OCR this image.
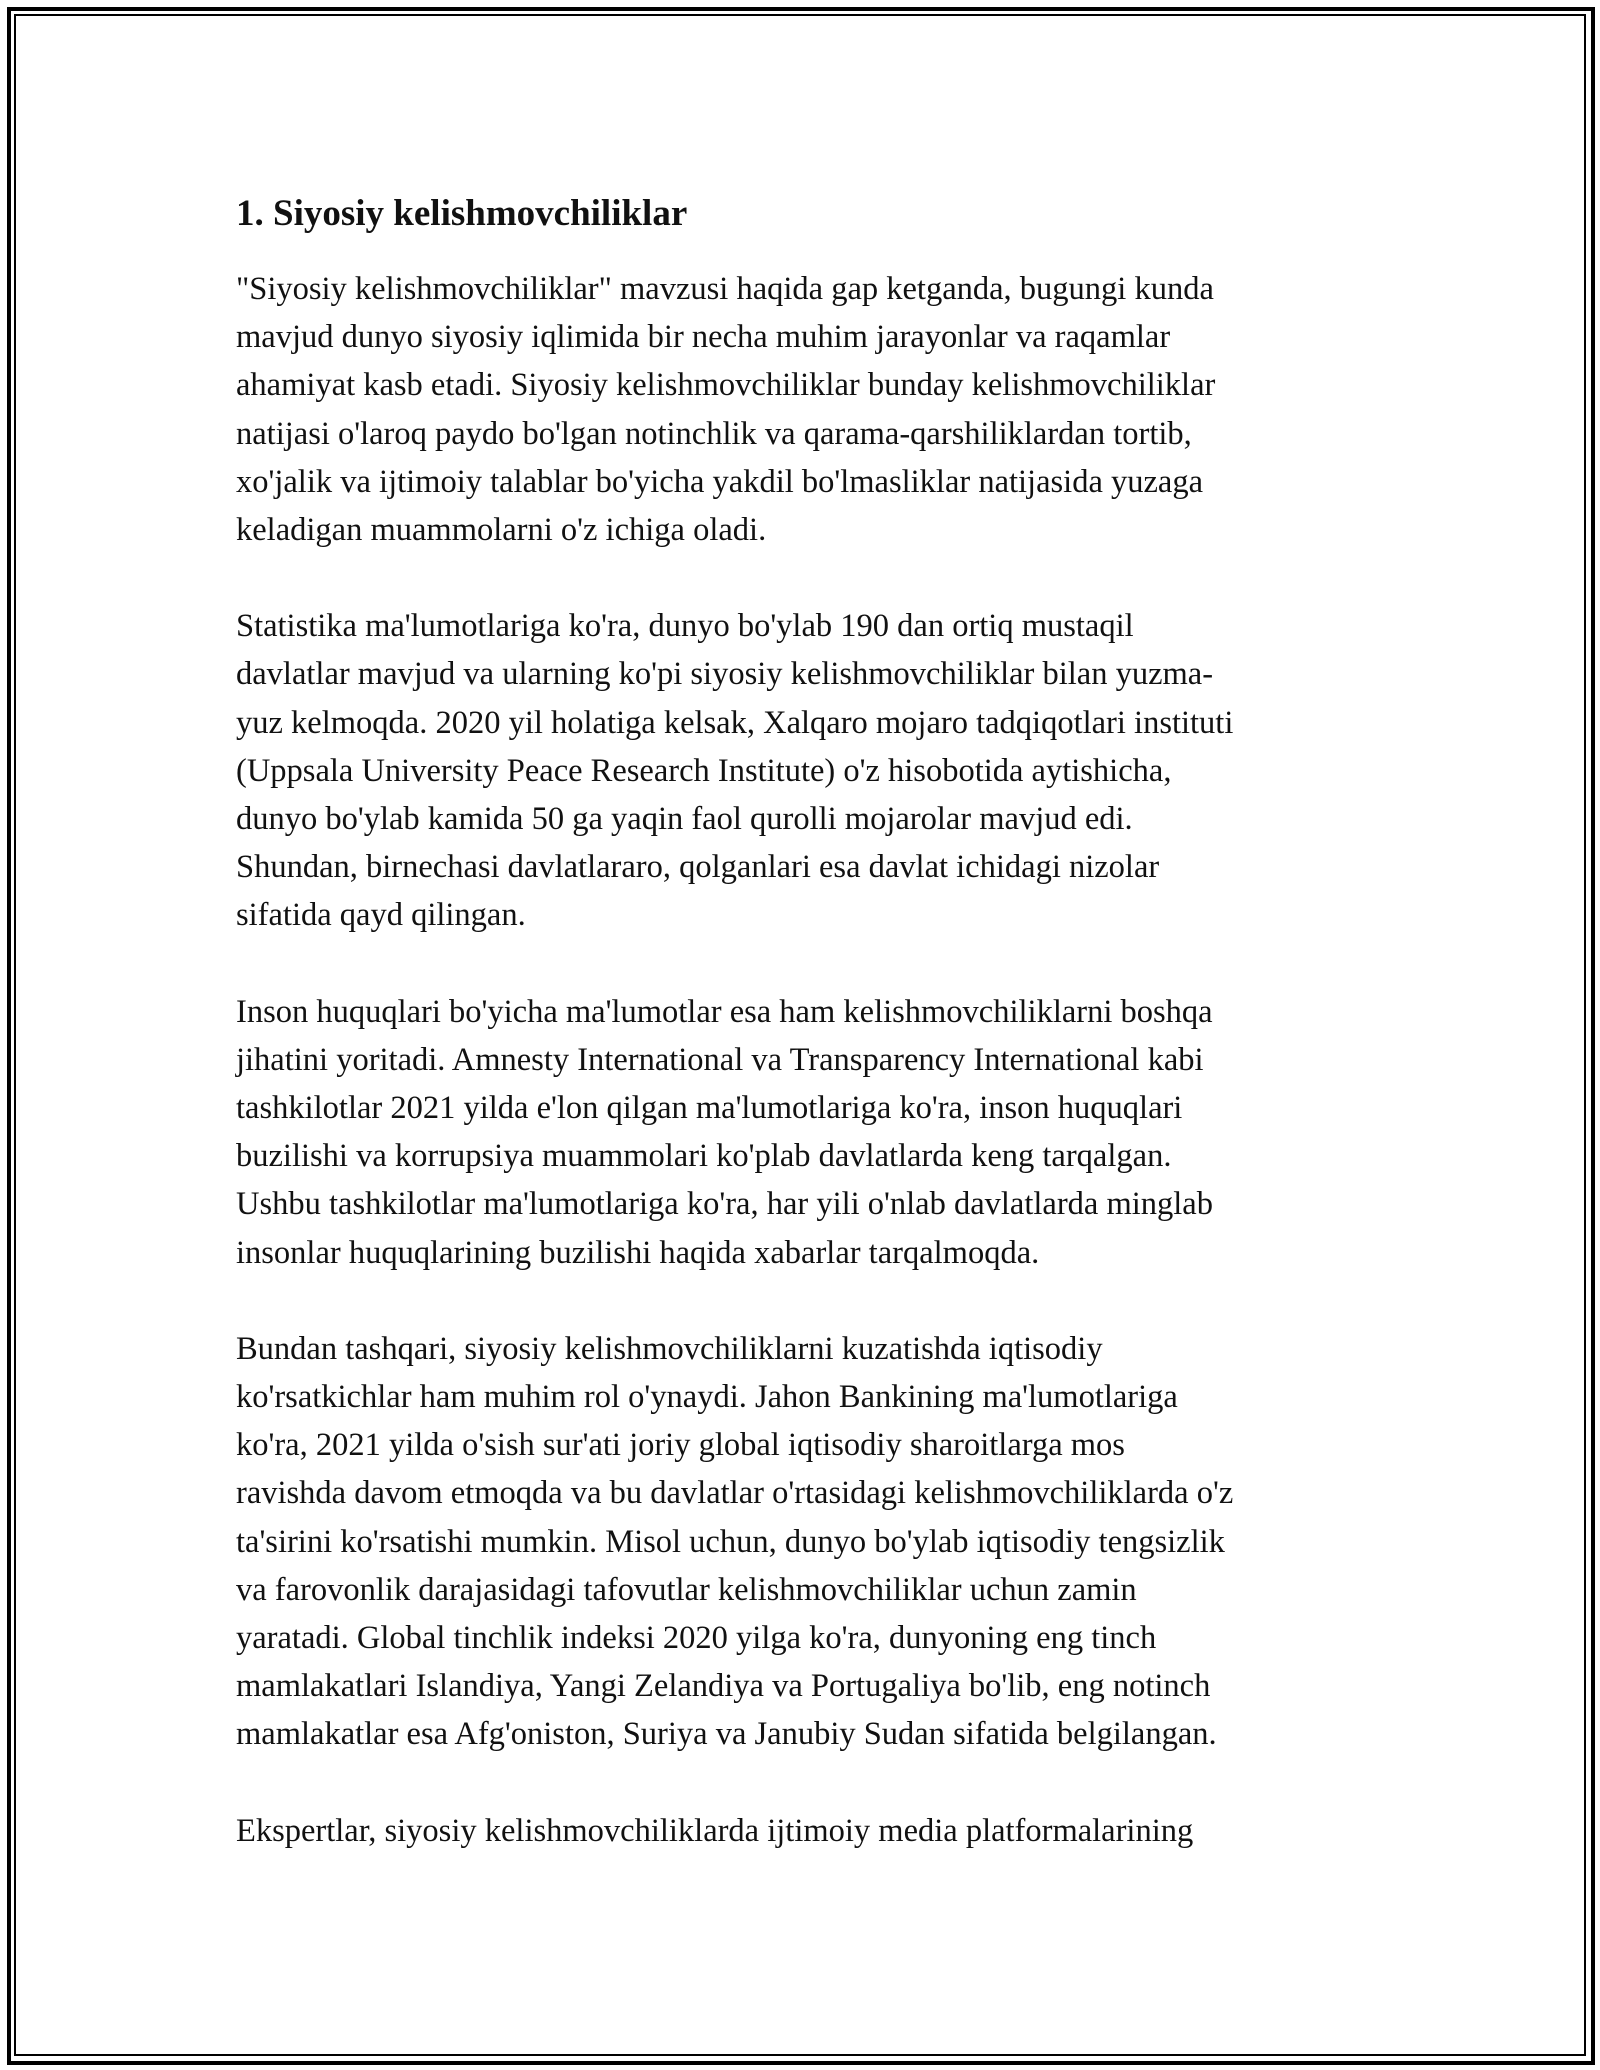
1. Siyosiy kelishmovchiliklar

"Siyosiy kelishmovchiliklar" mavzusi haqida gap ketganda, bugungi kunda
mavjud dunyo siyosiy iqlimida bir necha muhim jarayonlar va raqamlar
ahamiyat kasb etadi. Siyosiy kelishmovchiliklar bunday kelishmovchiliklar
natijasi o'laroq paydo bo'lgan notinchlik va qarama-qarshiliklardan tortib,
xo'jalik va ijtimoiy talablar bo'yicha yakdil bo'lmasliklar natijasida yuzaga
keladigan muammolarni o'z ichiga oladi.

Statistika ma'lumotlariga ko'ra, dunyo bo'ylab 190 dan ortiq mustaqil
davlatlar mavjud va ularning ko'pi siyosiy kelishmovchiliklar bilan yuzma-
yuz kelmoqda. 2020 yil holatiga kelsak, Xalqaro mojaro tadqiqotlari instituti
(Uppsala University Peace Research Institute) o'z hisobotida aytishicha,
dunyo bo'ylab kamida 50 ga yaqin faol qurolli mojarolar mavjud edi.
Shundan, birnechasi davlatlararo, qolganlari esa davlat ichidagi nizolar
sifatida qayd qilingan.

Inson huquqlari bo'yicha ma'lumotlar esa ham kelishmovchiliklarni boshqa
jihatini yoritadi. Amnesty International va Transparency International kabi
tashkilotlar 2021 yilda e'lon qilgan ma'lumotlariga ko'ra, inson huquqlari
buzilishi va korrupsiya muammolari ko'plab davlatlarda keng tarqalgan.
Ushbu tashkilotlar ma'lumotlariga ko'ra, har yili o'nlab davlatlarda minglab
insonlar huquqlarining buzilishi haqida xabarlar tarqalmoqda.

Bundan tashqari, siyosiy kelishmovchiliklarni kuzatishda iqtisodiy
ko'rsatkichlar ham muhim rol o'ynaydi. Jahon Bankining ma'lumotlariga
ko'ra, 2021 yilda o'sish sur'ati joriy global iqtisodiy sharoitlarga mos
ravishda davom etmoqda va bu davlatlar o'rtasidagi kelishmovchiliklarda o'z
ta'sirini ko'rsatishi mumkin. Misol uchun, dunyo bo'ylab iqtisodiy tengsizlik
va farovonlik darajasidagi tafovutlar kelishmovchiliklar uchun zamin
yaratadi. Global tinchlik indeksi 2020 yilga ko'ra, dunyoning eng tinch
mamlakatlari Islandiya, Yangi Zelandiya va Portugaliya bo'lib, eng notinch
mamlakatlar esa Afg'oniston, Suriya va Janubiy Sudan sifatida belgilangan.

Ekspertlar, siyosiy kelishmovchiliklarda ijtimoiy media platformalarining
